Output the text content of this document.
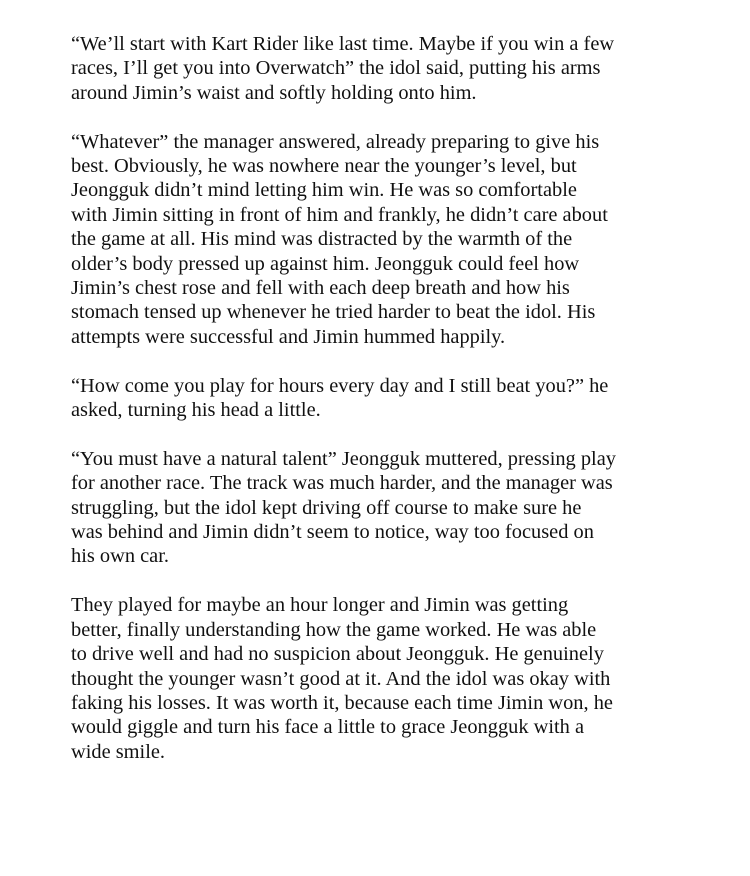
“We’ll start with Kart Rider like last time. Maybe if you win a few
races, I’ll get you into Overwatch” the idol said, putting his arms
around Jimin’s waist and softly holding onto him.

“Whatever” the manager answered, already preparing to give his
best. Obviously, he was nowhere near the younger’s level, but
Jeongguk didn’t mind letting him win. He was so comfortable
with Jimin sitting in front of him and frankly, he didn’t care about
the game at all. His mind was distracted by the warmth of the
older’s body pressed up against him. Jeongguk could feel how
Jimin’s chest rose and fell with each deep breath and how his
stomach tensed up whenever he tried harder to beat the idol. His
attempts were successful and Jimin hummed happily.

“How come you play for hours every day and I still beat you?” he
asked, turning his head a little.

“You must have a natural talent” Jeongguk muttered, pressing play
for another race. The track was much harder, and the manager was
struggling, but the idol kept driving off course to make sure he
was behind and Jimin didn’t seem to notice, way too focused on
his own car.

They played for maybe an hour longer and Jimin was getting
better, finally understanding how the game worked. He was able
to drive well and had no suspicion about Jeongguk. He genuinely
thought the younger wasn’t good at it. And the idol was okay with
faking his losses. It was worth it, because each time Jimin won, he
would giggle and turn his face a little to grace Jeongguk with a
wide smile.
